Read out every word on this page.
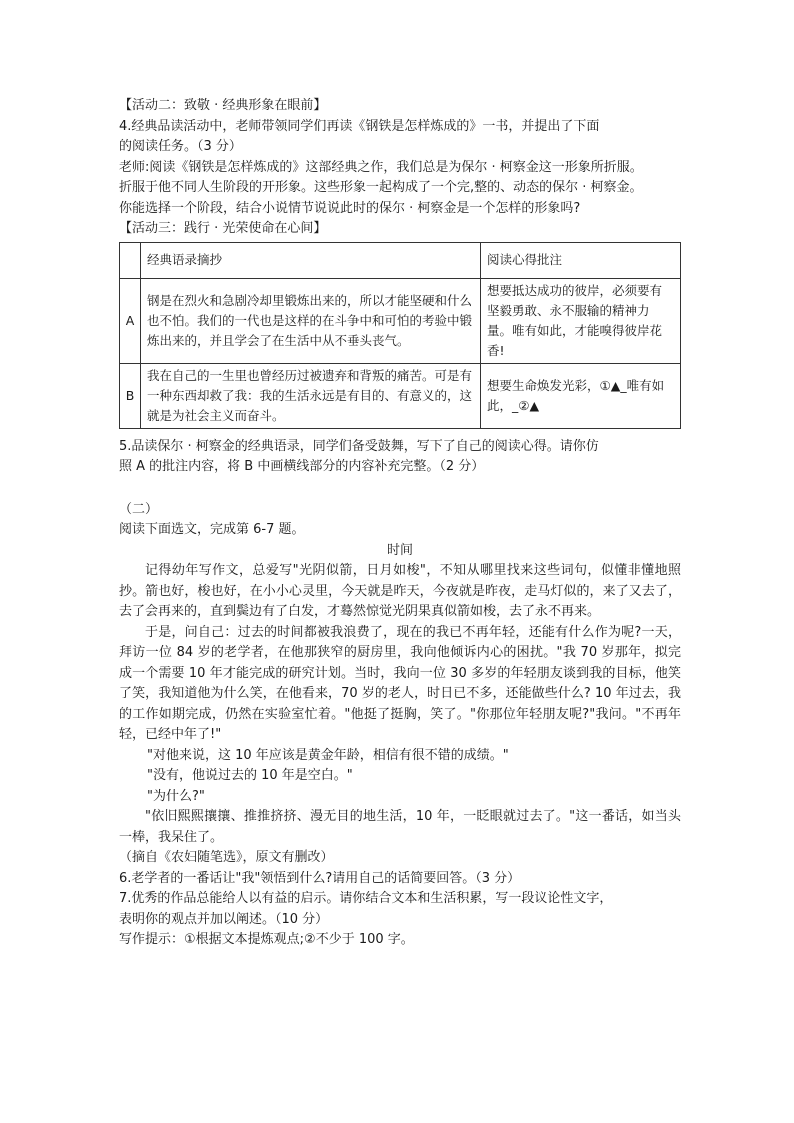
【活动二：致敬 · 经典形象在眼前】
4.经典品读活动中，老师带领同学们再读《钢铁是怎样炼成的》一书，并提出了下面
的阅读任务。（3 分）
老师:阅读《钢铁是怎样炼成的》这部经典之作，我们总是为保尔 · 柯察金这一形象所折服。
折服于他不同人生阶段的开形象。这些形象一起构成了一个完,整的、动态的保尔 · 柯察金。
你能选择一个阶段，结合小说情节说说此时的保尔 · 柯察金是一个怎样的形象吗?
【活动三：践行 · 光荣使命在心间】
	经典语录摘抄	阅读心得批注
A	钢是在烈火和急剧冷却里锻炼出来的，所以才能坚硬和什么也不怕。我们的一代也是这样的在斗争中和可怕的考验中锻炼出来的，并且学会了在生活中从不垂头丧气。	想要抵达成功的彼岸，必须要有坚毅勇敢、永不服输的精神力量。唯有如此，才能嗅得彼岸花香!
B	我在自己的一生里也曾经历过被遗弃和背叛的痛苦。可是有一种东西却救了我：我的生活永远是有目的、有意义的，这就是为社会主义而奋斗。	想要生命焕发光彩，①▲_唯有如此，_②▲
5.品读保尔 · 柯察金的经典语录，同学们备受鼓舞，写下了自己的阅读心得。请你仿
照 A 的批注内容，将 B 中画横线部分的内容补充完整。（2 分）
（二）
阅读下面选文，完成第 6-7 题。
时间
记得幼年写作文，总爱写"光阴似箭，日月如梭"，不知从哪里找来这些词句，似懂非懂地照抄。箭也好，梭也好，在小小心灵里，今天就是昨天，今夜就是昨夜，走马灯似的，来了又去了，去了会再来的，直到鬓边有了白发，才蓦然惊觉光阴果真似箭如梭，去了永不再来。
于是，问自己：过去的时间都被我浪费了，现在的我已不再年轻，还能有什么作为呢?一天，拜访一位 84 岁的老学者，在他那狭窄的厨房里，我向他倾诉内心的困扰。"我 70 岁那年，拟完成一个需要 10 年才能完成的研究计划。当时，我向一位 30 多岁的年轻朋友谈到我的目标，他笑了笑，我知道他为什么笑，在他看来，70 岁的老人，时日已不多，还能做些什么? 10 年过去，我的工作如期完成，仍然在实验室忙着。"他挺了挺胸，笑了。"你那位年轻朋友呢?"我问。"不再年轻，已经中年了!"
"对他来说，这 10 年应该是黄金年龄，相信有很不错的成绩。"
"没有，他说过去的 10 年是空白。"
"为什么?"
"依旧熙熙攘攘、推推挤挤、漫无目的地生活，10 年，一眨眼就过去了。"这一番话，如当头一棒，我呆住了。
（摘自《农妇随笔选》，原文有删改）
6.老学者的一番话让"我"领悟到什么?请用自己的话简要回答。（3 分）
7.优秀的作品总能给人以有益的启示。请你结合文本和生活积累，写一段议论性文字，
表明你的观点并加以阐述。（10 分）
写作提示：①根据文本提炼观点;②不少于 100 字。
